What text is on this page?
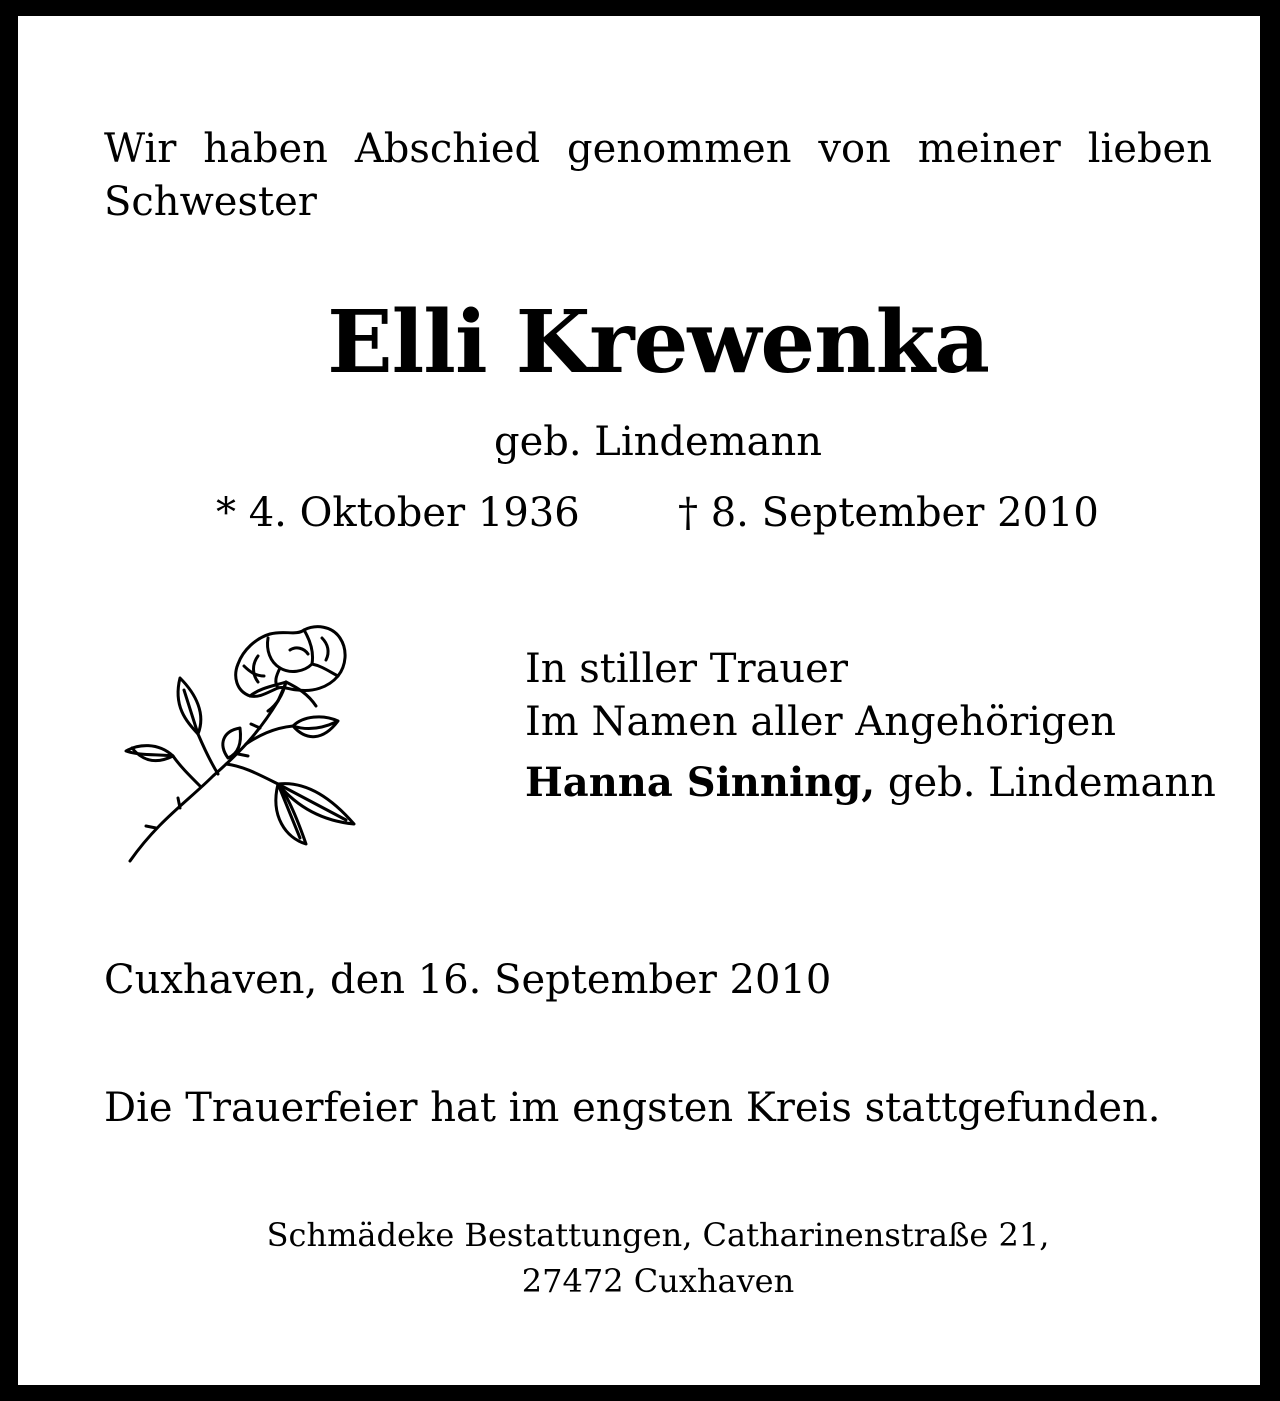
Wir haben Abschied genommen von meiner lieben

Schwester

Elli Krewenka

geb. Lindemann

* 4. Oktober 1936 † 8. September 2010

In stiller Trauer

Im Namen aller Angehörigen

Hanna Sinning, geb. Lindemann

Cuxhaven, den 16. September 2010

Die Trauerfeier hat im engsten Kreis stattgefunden.

Schmädeke Bestattungen, Catharinenstraße 21,

27472 Cuxhaven
